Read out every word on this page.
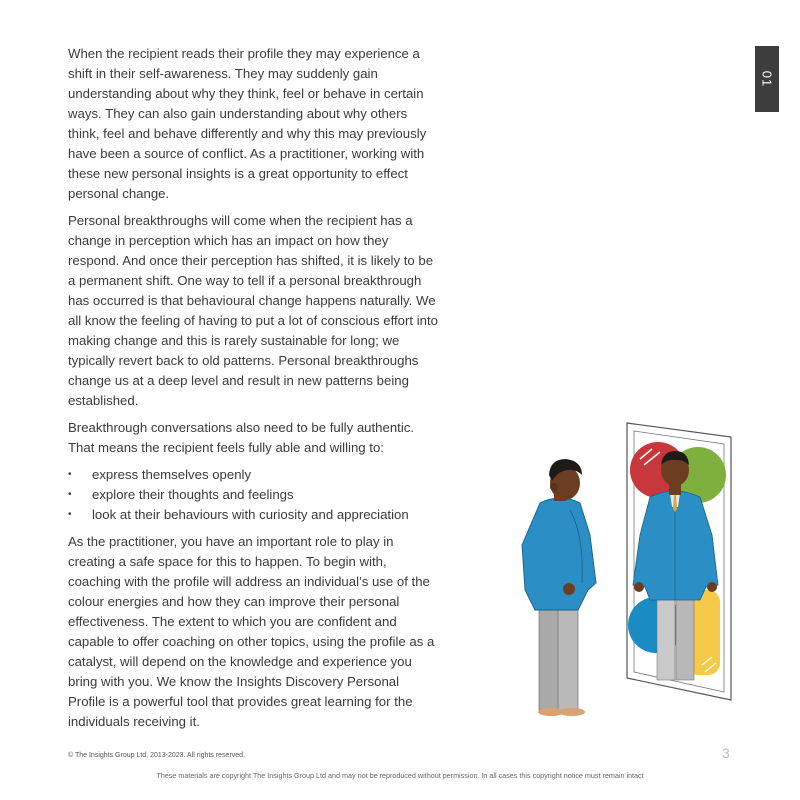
01

When the recipient reads their profile they may experience a shift in their self-awareness. They may suddenly gain understanding about why they think, feel or behave in certain ways. They can also gain understanding about why others think, feel and behave differently and why this may previously have been a source of conflict. As a practitioner, working with these new personal insights is a great opportunity to effect personal change.

Personal breakthroughs will come when the recipient has a change in perception which has an impact on how they respond. And once their perception has shifted, it is likely to be a permanent shift. One way to tell if a personal breakthrough has occurred is that behavioural change happens naturally. We all know the feeling of having to put a lot of conscious effort into making change and this is rarely sustainable for long; we typically revert back to old patterns. Personal breakthroughs change us at a deep level and result in new patterns being established.

Breakthrough conversations also need to be fully authentic. That means the recipient feels fully able and willing to:

• express themselves openly
• explore their thoughts and feelings
• look at their behaviours with curiosity and appreciation

As the practitioner, you have an important role to play in creating a safe space for this to happen. To begin with, coaching with the profile will address an individual’s use of the colour energies and how they can improve their personal effectiveness. The extent to which you are confident and capable to offer coaching on other topics, using the profile as a catalyst, will depend on the knowledge and experience you bring with you. We know the Insights Discovery Personal Profile is a powerful tool that provides great learning for the individuals receiving it.

© The Insights Group Ltd, 2013-2023. All rights reserved.	3
These materials are copyright The Insights Group Ltd and may not be reproduced without permission. In all cases this copyright notice must remain intact
